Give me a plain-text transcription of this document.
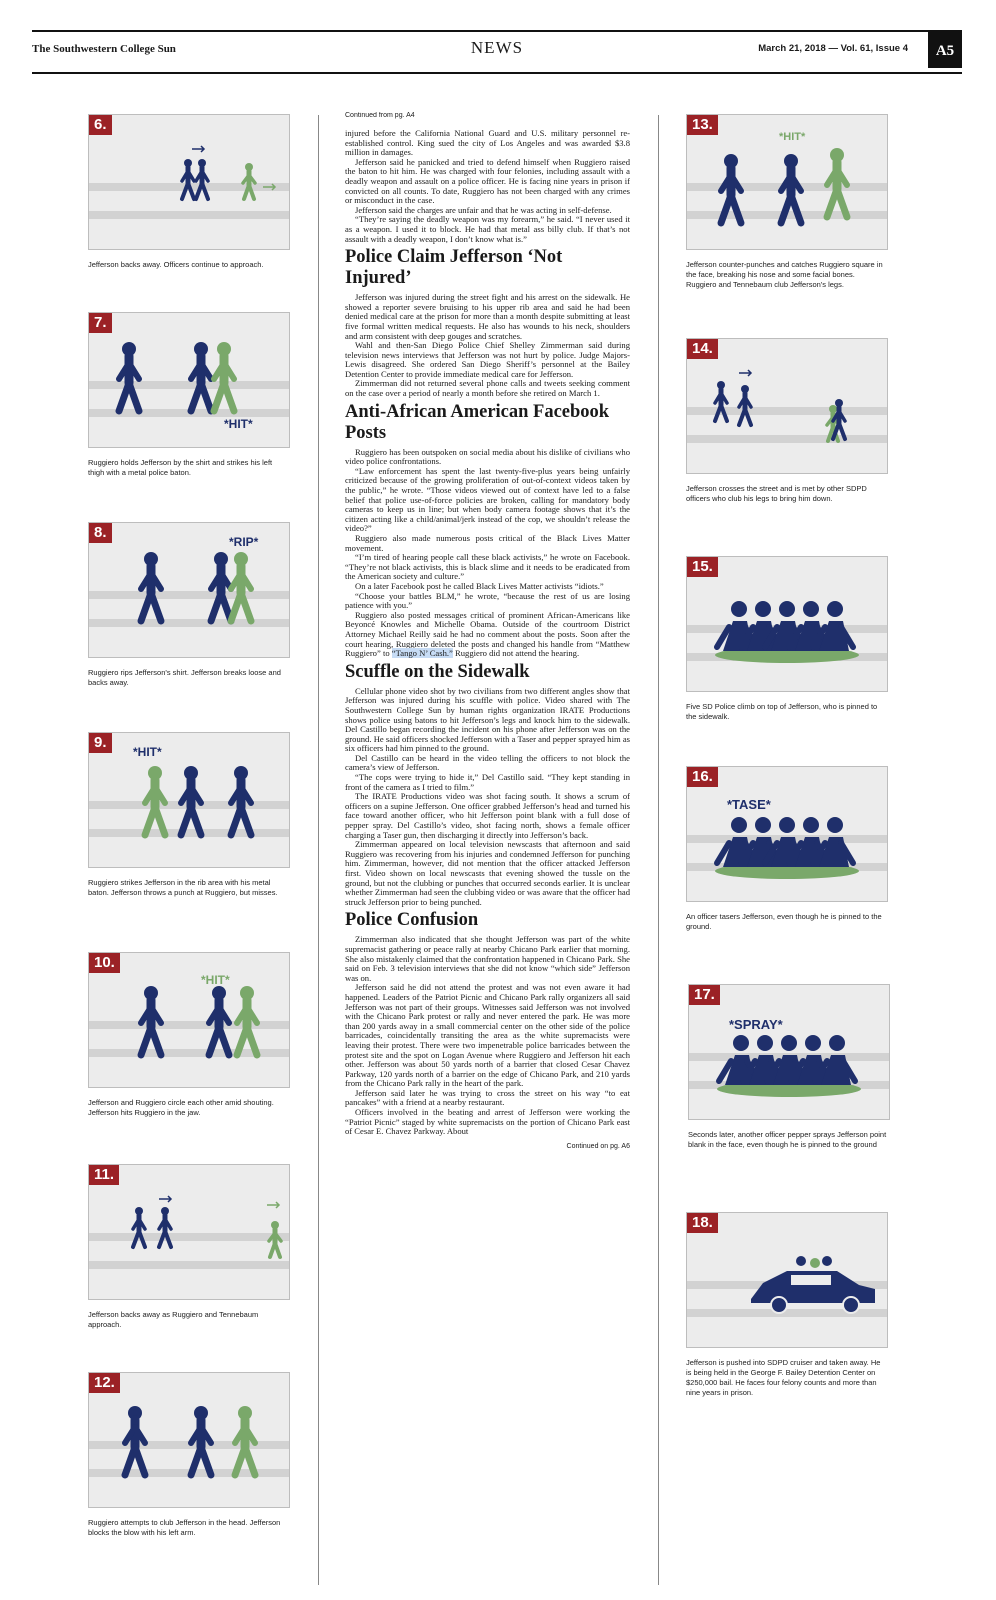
The Southwestern College Sun	NEWS	March 21, 2018 — Vol. 61, Issue 4	A5
6.
Jefferson backs away. Officers continue to approach.
7.
*HIT*
Ruggiero holds Jefferson by the shirt and strikes his left thigh with a metal police baton.
8.
*RIP*
Ruggiero rips Jefferson's shirt. Jefferson breaks loose and backs away.
9.
*HIT*
Ruggiero strikes Jefferson in the rib area with his metal baton. Jefferson throws a punch at Ruggiero, but misses.
10.
*HIT*
Jefferson and Ruggiero circle each other amid shouting. Jefferson hits Ruggiero in the jaw.
11.
Jefferson backs away as Ruggiero and Tennebaum approach.
12.
Ruggiero attempts to club Jefferson in the head. Jefferson blocks the blow with his left arm.
13.
*HIT*
Jefferson counter-punches and catches Ruggiero square in the face, breaking his nose and some facial bones. Ruggiero and Tennebaum club Jefferson's legs.
14.
Jefferson crosses the street and is met by other SDPD officers who club his legs to bring him down.
15.
Five SD Police climb on top of Jefferson, who is pinned to the sidewalk.
16.
*TASE*
An officer tasers Jefferson, even though he is pinned to the ground.
17.
*SPRAY*
Seconds later, another officer pepper sprays Jefferson point blank in the face, even though he is pinned to the ground
18.
Jefferson is pushed into SDPD cruiser and taken away. He is being held in the George F. Bailey Detention Center on $250,000 bail. He faces four felony counts and more than nine years in prison.
Continued from pg. A4

injured before the California National Guard and U.S. military personnel re-established control. King sued the city of Los Angeles and was awarded $3.8 million in damages.

Jefferson said he panicked and tried to defend himself when Ruggiero raised the baton to hit him. He was charged with four felonies, including assault with a deadly weapon and assault on a police officer. He is facing nine years in prison if convicted on all counts. To date, Ruggiero has not been charged with any crimes or misconduct in the case.

Jefferson said the charges are unfair and that he was acting in self-defense.

“They’re saying the deadly weapon was my forearm,” he said. “I never used it as a weapon. I used it to block. He had that metal ass billy club. If that’s not assault with a deadly weapon, I don’t know what is.”

Police Claim Jefferson ‘Not Injured’

Jefferson was injured during the street fight and his arrest on the sidewalk. He showed a reporter severe bruising to his upper rib area and said he had been denied medical care at the prison for more than a month despite submitting at least five formal written medical requests. He also has wounds to his neck, shoulders and arm consistent with deep gouges and scratches.

Wahl and then-San Diego Police Chief Shelley Zimmerman said during television news interviews that Jefferson was not hurt by police. Judge Majors-Lewis disagreed. She ordered San Diego Sheriff’s personnel at the Bailey Detention Center to provide immediate medical care for Jefferson.

Zimmerman did not returned several phone calls and tweets seeking comment on the case over a period of nearly a month before she retired on March 1.

Anti-African American Facebook Posts

Ruggiero has been outspoken on social media about his dislike of civilians who video police confrontations.

“Law enforcement has spent the last twenty-five-plus years being unfairly criticized because of the growing proliferation of out-of-context videos taken by the public,” he wrote. “Those videos viewed out of context have led to a false belief that police use-of-force policies are broken, calling for mandatory body cameras to keep us in line; but when body camera footage shows that it’s the citizen acting like a child/animal/jerk instead of the cop, we shouldn’t release the video?”

Ruggiero also made numerous posts critical of the Black Lives Matter movement.

“I’m tired of hearing people call these black activists,” he wrote on Facebook. “They’re not black activists, this is black slime and it needs to be eradicated from the American society and culture.”

On a later Facebook post he called Black Lives Matter activists “idiots.”

“Choose your battles BLM,” he wrote, “because the rest of us are losing patience with you.”

Ruggiero also posted messages critical of prominent African-Americans like Beyoncé Knowles and Michelle Obama. Outside of the courtroom District Attorney Michael Reilly said he had no comment about the posts. Soon after the court hearing, Ruggiero deleted the posts and changed his handle from “Matthew Ruggiero” to “Tango N’ Cash.” Ruggiero did not attend the hearing.

Scuffle on the Sidewalk

Cellular phone video shot by two civilians from two different angles show that Jefferson was injured during his scuffle with police. Video shared with The Southwestern College Sun by human rights organization IRATE Productions shows police using batons to hit Jefferson’s legs and knock him to the sidewalk. Del Castillo began recording the incident on his phone after Jefferson was on the ground. He said officers shocked Jefferson with a Taser and pepper sprayed him as six officers had him pinned to the ground.

Del Castillo can be heard in the video telling the officers to not block the camera’s view of Jefferson.

“The cops were trying to hide it,” Del Castillo said. “They kept standing in front of the camera as I tried to film.”

The IRATE Productions video was shot facing south. It shows a scrum of officers on a supine Jefferson. One officer grabbed Jefferson’s head and turned his face toward another officer, who hit Jefferson point blank with a full dose of pepper spray. Del Castillo’s video, shot facing north, shows a female officer charging a Taser gun, then discharging it directly into Jefferson’s back.

Zimmerman appeared on local television newscasts that afternoon and said Ruggiero was recovering from his injuries and condemned Jefferson for punching him. Zimmerman, however, did not mention that the officer attacked Jefferson first. Video shown on local newscasts that evening showed the tussle on the ground, but not the clubbing or punches that occurred seconds earlier. It is unclear whether Zimmerman had seen the clubbing video or was aware that the officer had struck Jefferson prior to being punched.

Police Confusion

Zimmerman also indicated that she thought Jefferson was part of the white supremacist gathering or peace rally at nearby Chicano Park earlier that morning. She also mistakenly claimed that the confrontation happened in Chicano Park. She said on Feb. 3 television interviews that she did not know “which side” Jefferson was on.

Jefferson said he did not attend the protest and was not even aware it had happened. Leaders of the Patriot Picnic and Chicano Park rally organizers all said Jefferson was not part of their groups. Witnesses said Jefferson was not involved with the Chicano Park protest or rally and never entered the park. He was more than 200 yards away in a small commercial center on the other side of the police barricades, coincidentally transiting the area as the white supremacists were leaving their protest. There were two impenetrable police barricades between the protest site and the spot on Logan Avenue where Ruggiero and Jefferson hit each other. Jefferson was about 50 yards north of a barrier that closed Cesar Chavez Parkway, 120 yards north of a barrier on the edge of Chicano Park, and 210 yards from the Chicano Park rally in the heart of the park.

Jefferson said later he was trying to cross the street on his way “to eat pancakes” with a friend at a nearby restaurant.

Officers involved in the beating and arrest of Jefferson were working the “Patriot Picnic” staged by white supremacists on the portion of Chicano Park east of Cesar E. Chavez Parkway. About

Continued on pg. A6
